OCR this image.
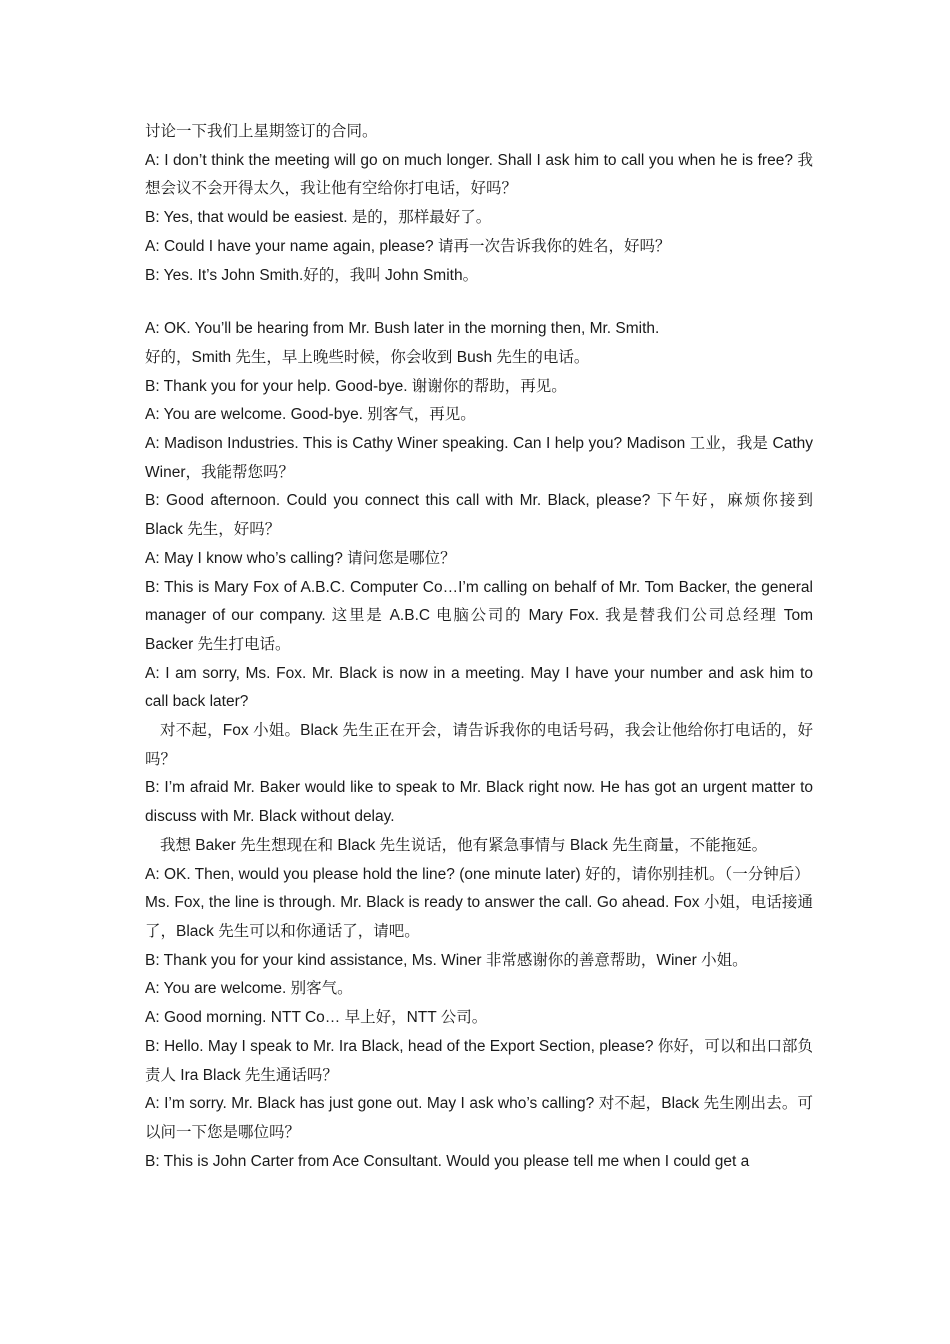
讨论一下我们上星期签订的合同。

A: I don’t think the meeting will go on much longer. Shall I ask him to call you when he is free? 我想会议不会开得太久，我让他有空给你打电话，好吗？

B: Yes, that would be easiest. 是的，那样最好了。

A: Could I have your name again, please? 请再一次告诉我你的姓名，好吗？

B: Yes. It’s John Smith.好的，我叫 John Smith。

A: OK. You’ll be hearing from Mr. Bush later in the morning then, Mr. Smith.

好的，Smith 先生，早上晚些时候，你会收到 Bush 先生的电话。

B: Thank you for your help. Good-bye. 谢谢你的帮助，再见。

A: You are welcome. Good-bye. 别客气，再见。

A: Madison Industries. This is Cathy Winer speaking. Can I help you? Madison 工业，我是 Cathy Winer，我能帮您吗？

B: Good afternoon. Could you connect this call with Mr. Black, please? 下午好，麻烦你接到 Black 先生，好吗？

A: May I know who’s calling? 请问您是哪位？

B: This is Mary Fox of A.B.C. Computer Co…I’m calling on behalf of Mr. Tom Backer, the general manager of our company. 这里是 A.B.C 电脑公司的 Mary Fox. 我是替我们公司总经理 Tom Backer 先生打电话。

A: I am sorry, Ms. Fox. Mr. Black is now in a meeting. May I have your number and ask him to call back later?

对不起，Fox 小姐。Black 先生正在开会，请告诉我你的电话号码，我会让他给你打电话的，好吗？

B: I’m afraid Mr. Baker would like to speak to Mr. Black right now. He has got an urgent matter to discuss with Mr. Black without delay.

我想 Baker 先生想现在和 Black 先生说话，他有紧急事情与 Black 先生商量，不能拖延。

A: OK. Then, would you please hold the line? (one minute later) 好的，请你别挂机。（一分钟后）

Ms. Fox, the line is through. Mr. Black is ready to answer the call. Go ahead. Fox 小姐，电话接通了，Black 先生可以和你通话了，请吧。

B: Thank you for your kind assistance, Ms. Winer 非常感谢你的善意帮助，Winer 小姐。

A: You are welcome. 别客气。

A: Good morning. NTT Co… 早上好，NTT 公司。

B: Hello. May I speak to Mr. Ira Black, head of the Export Section, please? 你好，可以和出口部负责人 Ira Black 先生通话吗？

A: I’m sorry. Mr. Black has just gone out. May I ask who’s calling? 对不起，Black 先生刚出去。可以问一下您是哪位吗？

B: This is John Carter from Ace Consultant. Would you please tell me when I could get a
